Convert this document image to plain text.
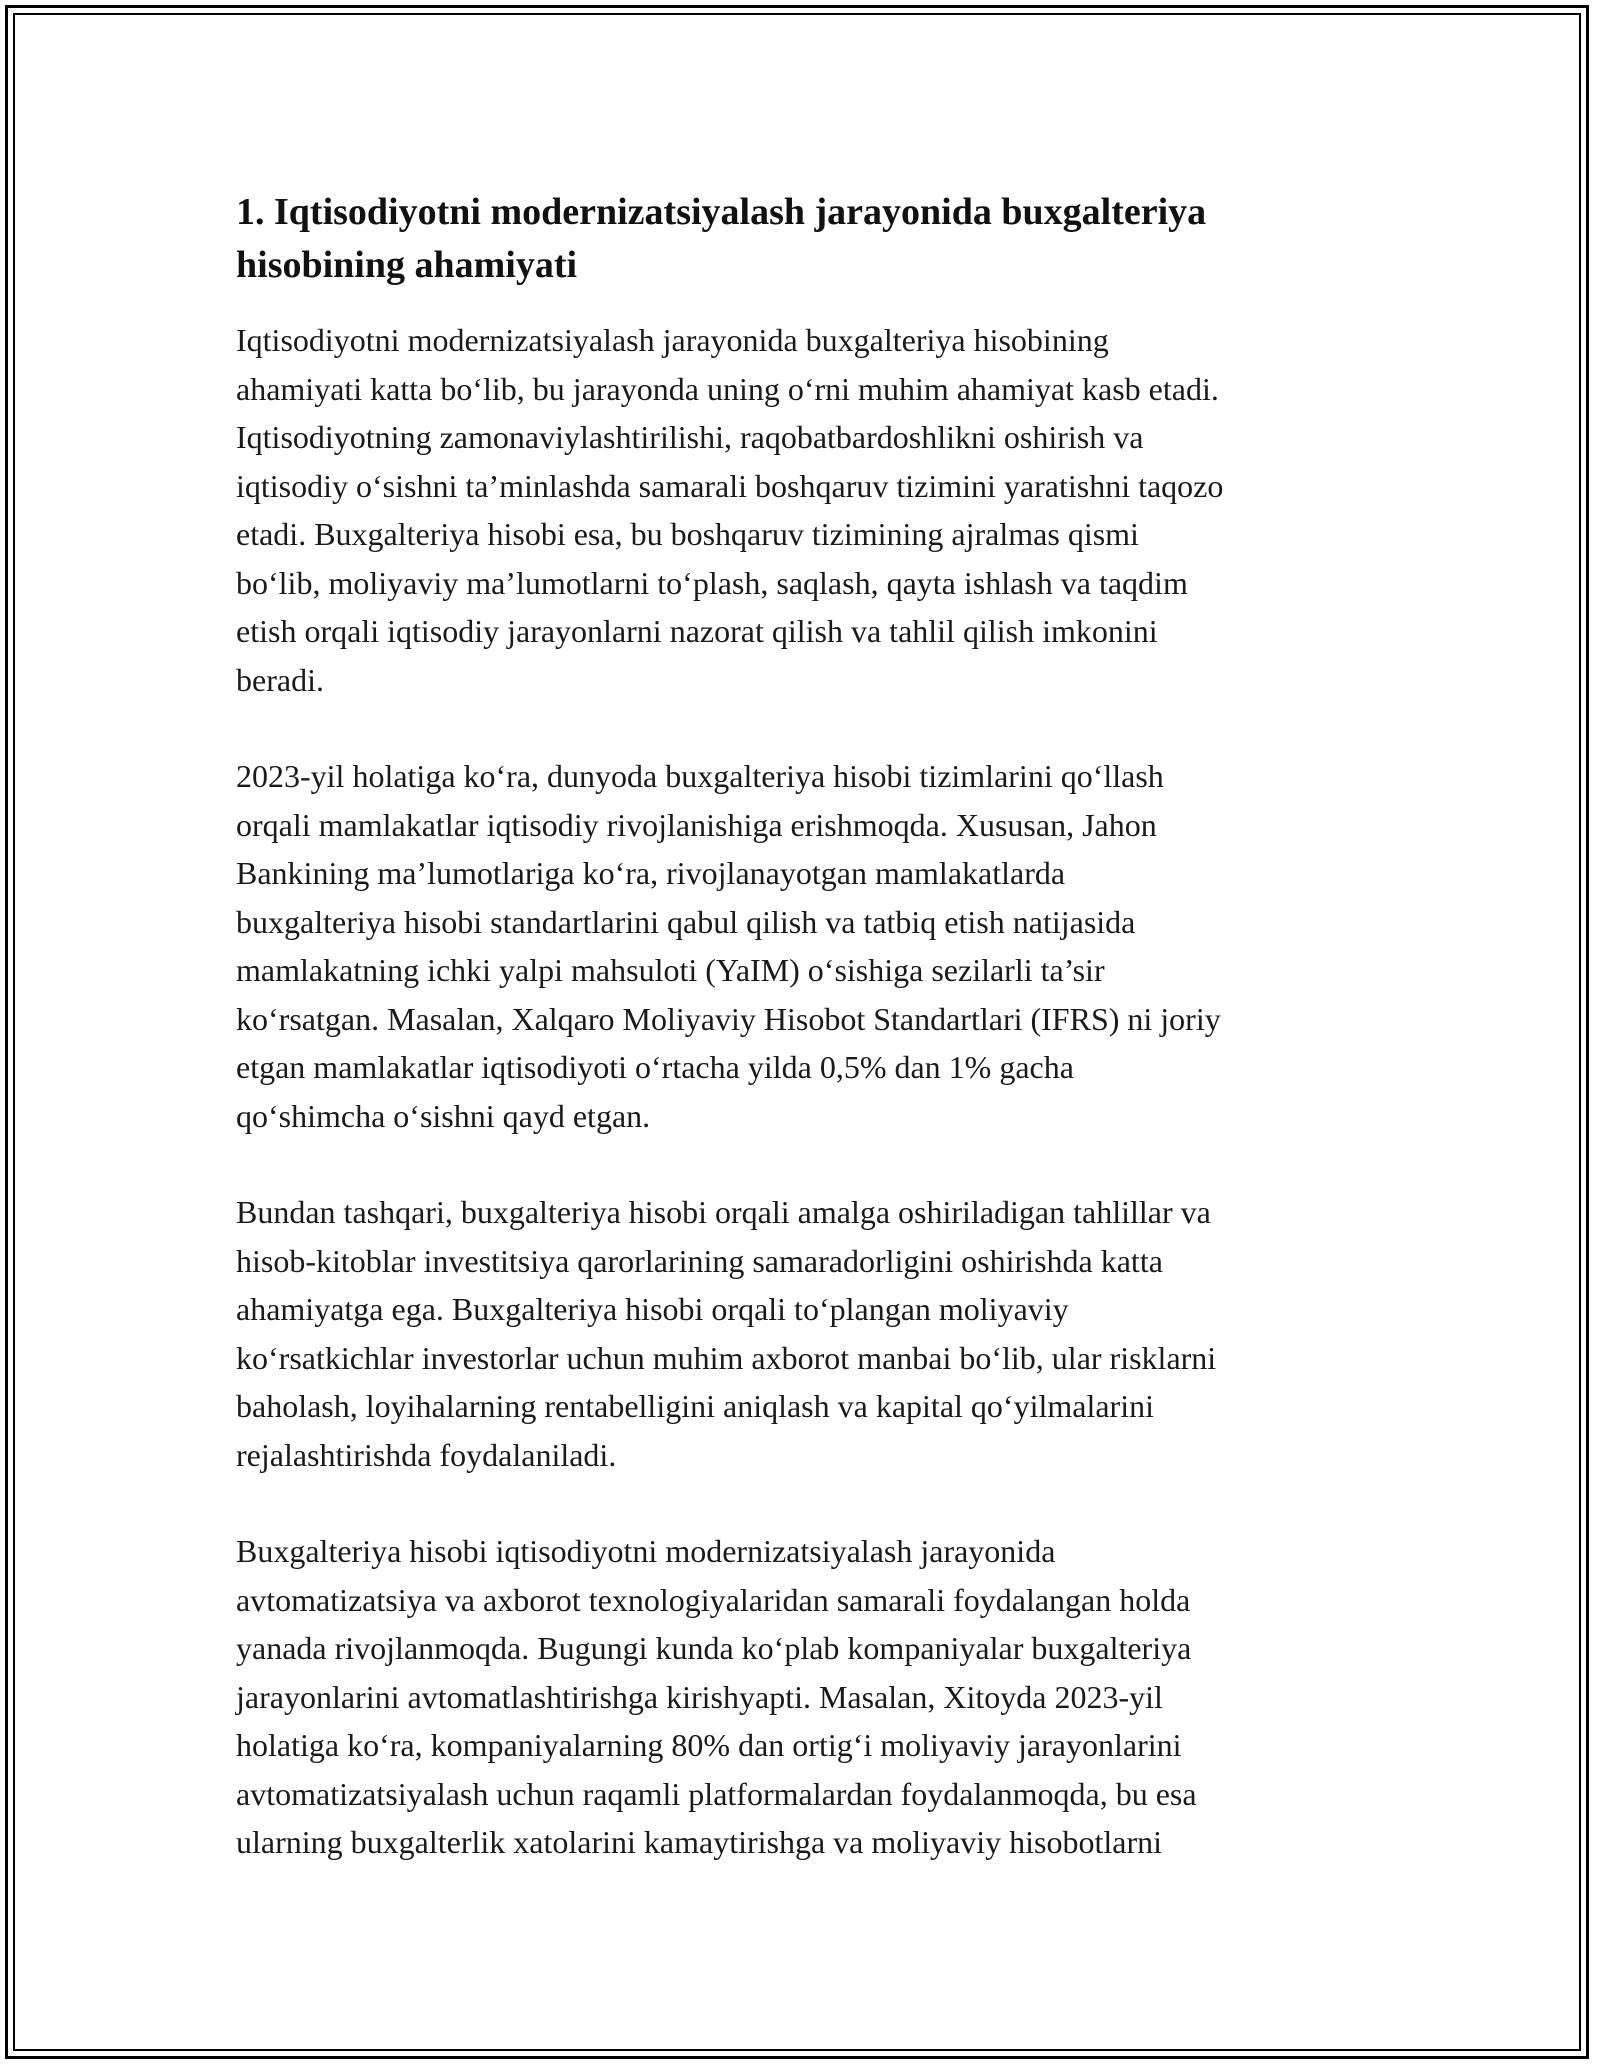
1. Iqtisodiyotni modernizatsiyalash jarayonida buxgalteriya hisobining ahamiyati

Iqtisodiyotni modernizatsiyalash jarayonida buxgalteriya hisobining
ahamiyati katta bo‘lib, bu jarayonda uning o‘rni muhim ahamiyat kasb etadi.
Iqtisodiyotning zamonaviylashtirilishi, raqobatbardoshlikni oshirish va
iqtisodiy o‘sishni ta’minlashda samarali boshqaruv tizimini yaratishni taqozo
etadi. Buxgalteriya hisobi esa, bu boshqaruv tizimining ajralmas qismi
bo‘lib, moliyaviy ma’lumotlarni to‘plash, saqlash, qayta ishlash va taqdim
etish orqali iqtisodiy jarayonlarni nazorat qilish va tahlil qilish imkonini
beradi.

2023-yil holatiga ko‘ra, dunyoda buxgalteriya hisobi tizimlarini qo‘llash
orqali mamlakatlar iqtisodiy rivojlanishiga erishmoqda. Xususan, Jahon
Bankining ma’lumotlariga ko‘ra, rivojlanayotgan mamlakatlarda
buxgalteriya hisobi standartlarini qabul qilish va tatbiq etish natijasida
mamlakatning ichki yalpi mahsuloti (YaIM) o‘sishiga sezilarli ta’sir
ko‘rsatgan. Masalan, Xalqaro Moliyaviy Hisobot Standartlari (IFRS) ni joriy
etgan mamlakatlar iqtisodiyoti o‘rtacha yilda 0,5% dan 1% gacha
qo‘shimcha o‘sishni qayd etgan.

Bundan tashqari, buxgalteriya hisobi orqali amalga oshiriladigan tahlillar va
hisob-kitoblar investitsiya qarorlarining samaradorligini oshirishda katta
ahamiyatga ega. Buxgalteriya hisobi orqali to‘plangan moliyaviy
ko‘rsatkichlar investorlar uchun muhim axborot manbai bo‘lib, ular risklarni
baholash, loyihalarning rentabelligini aniqlash va kapital qo‘yilmalarini
rejalashtirishda foydalaniladi.

Buxgalteriya hisobi iqtisodiyotni modernizatsiyalash jarayonida
avtomatizatsiya va axborot texnologiyalaridan samarali foydalangan holda
yanada rivojlanmoqda. Bugungi kunda ko‘plab kompaniyalar buxgalteriya
jarayonlarini avtomatlashtirishga kirishyapti. Masalan, Xitoyda 2023-yil
holatiga ko‘ra, kompaniyalarning 80% dan ortig‘i moliyaviy jarayonlarini
avtomatizatsiyalash uchun raqamli platformalardan foydalanmoqda, bu esa
ularning buxgalterlik xatolarini kamaytirishga va moliyaviy hisobotlarni
